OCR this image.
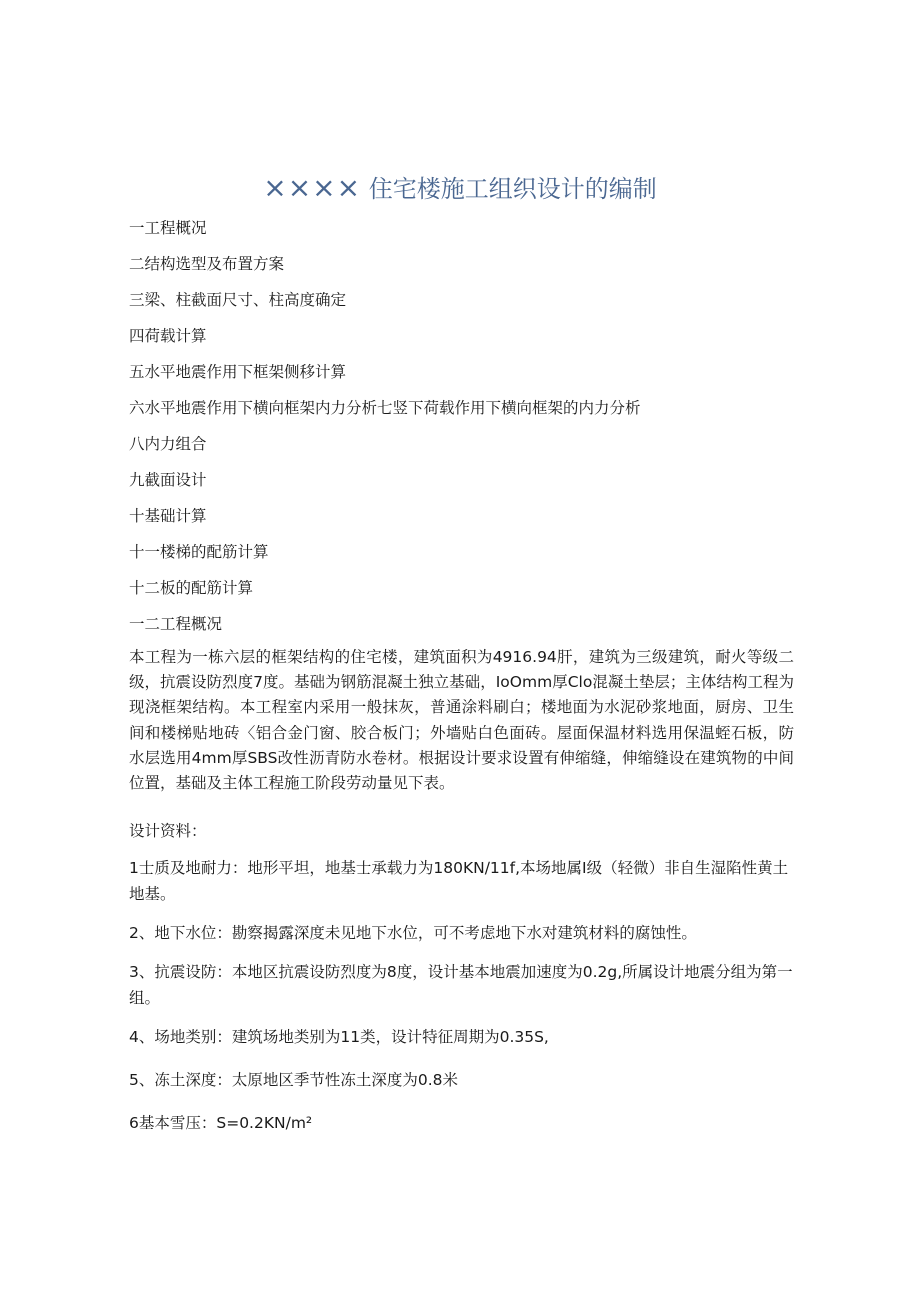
×××× 住宅楼施工组织设计的编制
一工程概况
二结构选型及布置方案
三梁、柱截面尺寸、柱高度确定
四荷载计算
五水平地震作用下框架侧移计算
六水平地震作用下横向框架内力分析七竖下荷载作用下横向框架的内力分析
八内力组合
九截面设计
十基础计算
十一楼梯的配筋计算
十二板的配筋计算
一二工程概况

本工程为一栋六层的框架结构的住宅楼，建筑面积为4916.94肝，建筑为三级建筑，耐火等级二级，抗震设防烈度7度。基础为钢筋混凝土独立基础，IoOmm厚Clo混凝土垫层；主体结构工程为现浇框架结构。本工程室内采用一般抹灰，普通涂料刷白；楼地面为水泥砂浆地面，厨房、卫生间和楼梯贴地砖〈铝合金门窗、胶合板门；外墙贴白色面砖。屋面保温材料选用保温蛭石板，防水层选用4mm厚SBS改性沥青防水卷材。根据设计要求设置有伸缩缝，伸缩缝设在建筑物的中间位置，基础及主体工程施工阶段劳动量见下表。

设计资料：

1士质及地耐力：地形平坦，地基士承载力为180KN∕11f,本场地属I级（轻微）非自生湿陷性黄土地基。

2、地下水位：勘察揭露深度未见地下水位，可不考虑地下水对建筑材料的腐蚀性。

3、抗震设防：本地区抗震设防烈度为8度，设计基本地震加速度为0.2g,所属设计地震分组为第一组。

4、场地类别：建筑场地类别为11类，设计特征周期为0.35S,

5、冻土深度：太原地区季节性冻土深度为0.8米

6基本雪压：S=0.2KN∕m²
